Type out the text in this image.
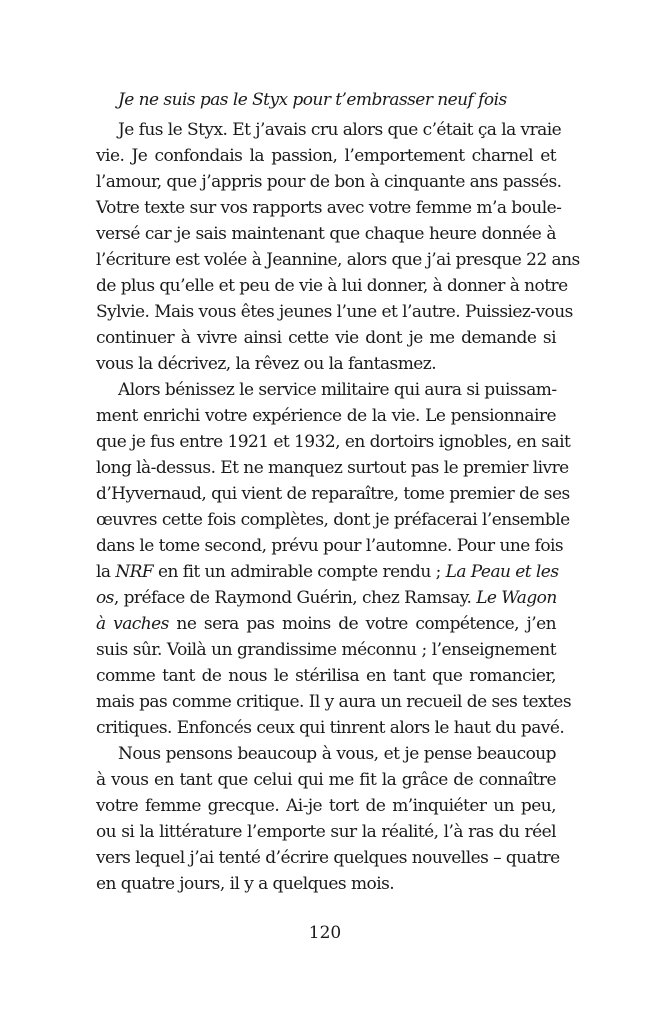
Je ne suis pas le Styx pour t’embrasser neuf fois
Je fus le Styx. Et j’avais cru alors que c’était ça la vraie
vie. Je confondais la passion, l’emportement charnel et
l’amour, que j’appris pour de bon à cinquante ans passés.
Votre texte sur vos rapports avec votre femme m’a boule-
versé car je sais maintenant que chaque heure donnée à
l’écriture est volée à Jeannine, alors que j’ai presque 22 ans
de plus qu’elle et peu de vie à lui donner, à donner à notre
Sylvie. Mais vous êtes jeunes l’une et l’autre. Puissiez-vous
continuer à vivre ainsi cette vie dont je me demande si
vous la décrivez, la rêvez ou la fantasmez.
Alors bénissez le service militaire qui aura si puissam-
ment enrichi votre expérience de la vie. Le pensionnaire
que je fus entre 1921 et 1932, en dortoirs ignobles, en sait
long là-dessus. Et ne manquez surtout pas le premier livre
d’Hyvernaud, qui vient de reparaître, tome premier de ses
œuvres cette fois complètes, dont je préfacerai l’ensemble
dans le tome second, prévu pour l’automne. Pour une fois
la NRF en fit un admirable compte rendu ; La Peau et les
os, préface de Raymond Guérin, chez Ramsay. Le Wagon
à vaches ne sera pas moins de votre compétence, j’en
suis sûr. Voilà un grandissime méconnu ; l’enseignement
comme tant de nous le stérilisa en tant que romancier,
mais pas comme critique. Il y aura un recueil de ses textes
critiques. Enfoncés ceux qui tinrent alors le haut du pavé.
Nous pensons beaucoup à vous, et je pense beaucoup
à vous en tant que celui qui me fit la grâce de connaître
votre femme grecque. Ai-je tort de m’inquiéter un peu,
ou si la littérature l’emporte sur la réalité, l’à ras du réel
vers lequel j’ai tenté d’écrire quelques nouvelles – quatre
en quatre jours, il y a quelques mois.
120
